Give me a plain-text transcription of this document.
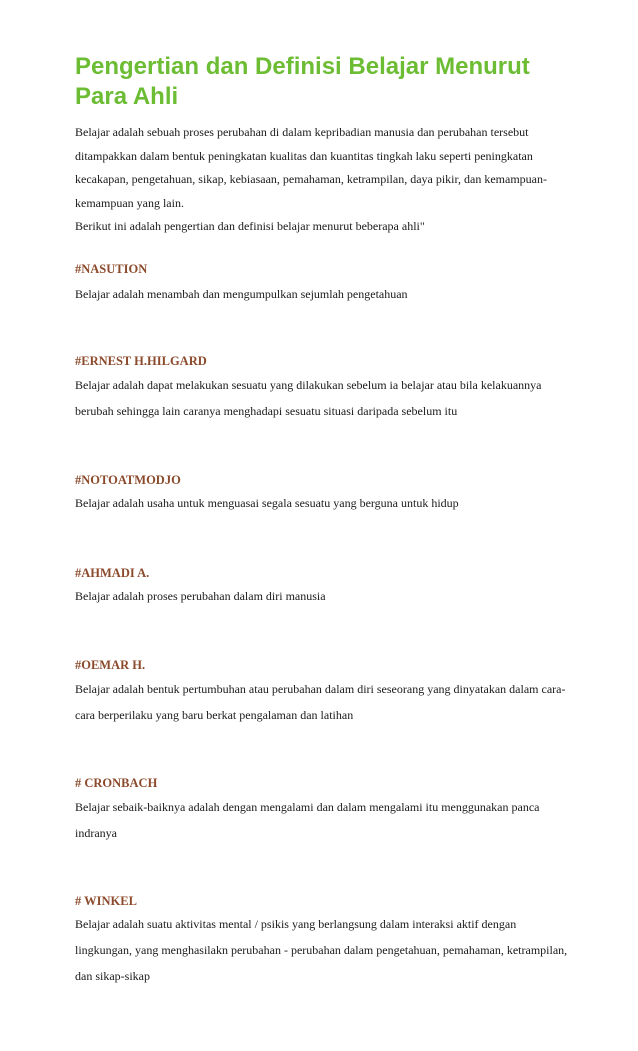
Pengertian dan Definisi Belajar Menurut Para Ahli

Belajar adalah sebuah proses perubahan di dalam kepribadian manusia dan perubahan tersebut ditampakkan dalam bentuk peningkatan kualitas dan kuantitas tingkah laku seperti peningkatan kecakapan, pengetahuan, sikap, kebiasaan, pemahaman, ketrampilan, daya pikir, dan kemampuan-kemampuan yang lain.

Berikut ini adalah pengertian dan definisi belajar menurut beberapa ahli"

#NASUTION

Belajar adalah menambah dan mengumpulkan sejumlah pengetahuan

#ERNEST H.HILGARD

Belajar adalah dapat melakukan sesuatu yang dilakukan sebelum ia belajar atau bila kelakuannya berubah sehingga lain caranya menghadapi sesuatu situasi daripada sebelum itu

#NOTOATMODJO

Belajar adalah usaha untuk menguasai segala sesuatu yang berguna untuk hidup

#AHMADI A.

Belajar adalah proses perubahan dalam diri manusia

#OEMAR H.

Belajar adalah bentuk pertumbuhan atau perubahan dalam diri seseorang yang dinyatakan dalam cara-cara berperilaku yang baru berkat pengalaman dan latihan

# CRONBACH

Belajar sebaik-baiknya adalah dengan mengalami dan dalam mengalami itu menggunakan panca indranya

# WINKEL

Belajar adalah suatu aktivitas mental / psikis yang berlangsung dalam interaksi aktif dengan lingkungan, yang menghasilakn perubahan - perubahan dalam pengetahuan, pemahaman, ketrampilan, dan sikap-sikap
